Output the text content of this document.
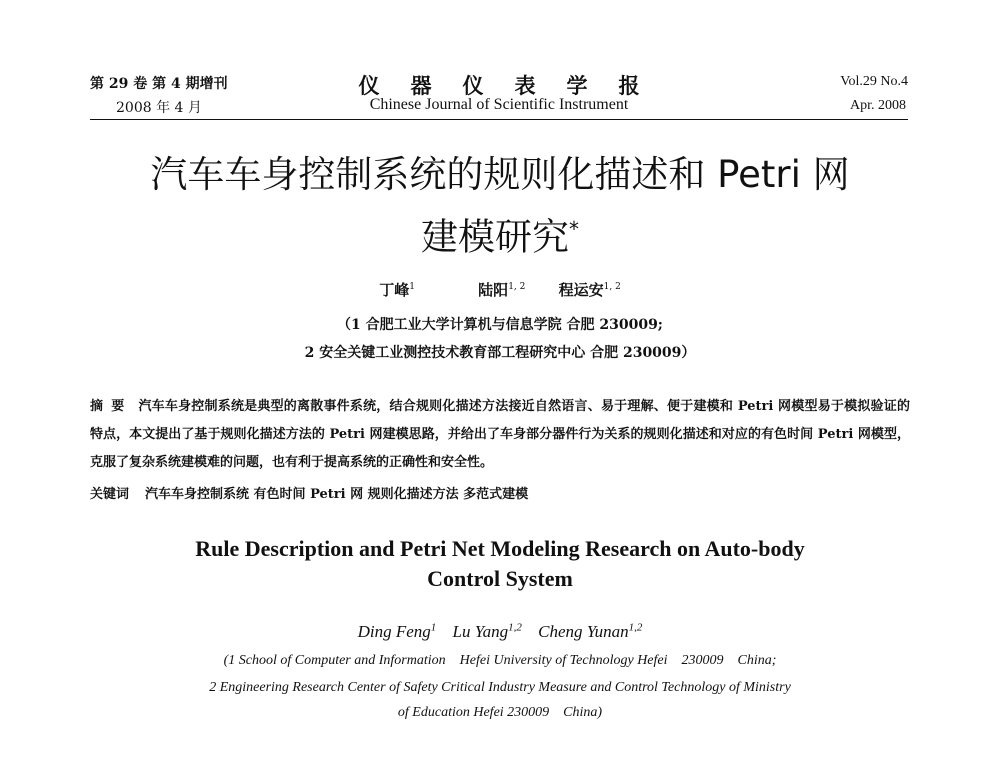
第 29 卷 第 4 期增刊
2008 年 4 月
仪器仪表学报
Chinese Journal of Scientific Instrument
Vol.29 No.4
Apr. 2008
汽车车身控制系统的规则化描述和 Petri 网
建模研究*
丁峰$^1$	陆阳$^{1, 2}$ 程运安$^{1, 2}$
（1 合肥工业大学计算机与信息学院 合肥 230009;
2 安全关键工业测控技术教育部工程研究中心 合肥 230009）
摘要 汽车车身控制系统是典型的离散事件系统，结合规则化描述方法接近自然语言、易于理解、便于建模和 Petri 网模型易于模拟验证的特点，本文提出了基于规则化描述方法的 Petri 网建模思路，并给出了车身部分器件行为关系的规则化描述和对应的有色时间 Petri 网模型，克服了复杂系统建模难的问题，也有利于提高系统的正确性和安全性。
关键词 汽车车身控制系统 有色时间 Petri 网 规则化描述方法 多范式建模
Rule Description and Petri Net Modeling Research on Auto-body
Control System
Ding Feng$^1$ Lu Yang$^{1,2}$ Cheng Yunan$^{1,2}$
(1 School of Computer and Information    Hefei University of Technology Hefei    230009    China;
2 Engineering Research Center of Safety Critical Industry Measure and Control Technology of Ministry
of Education Hefei 230009    China)
